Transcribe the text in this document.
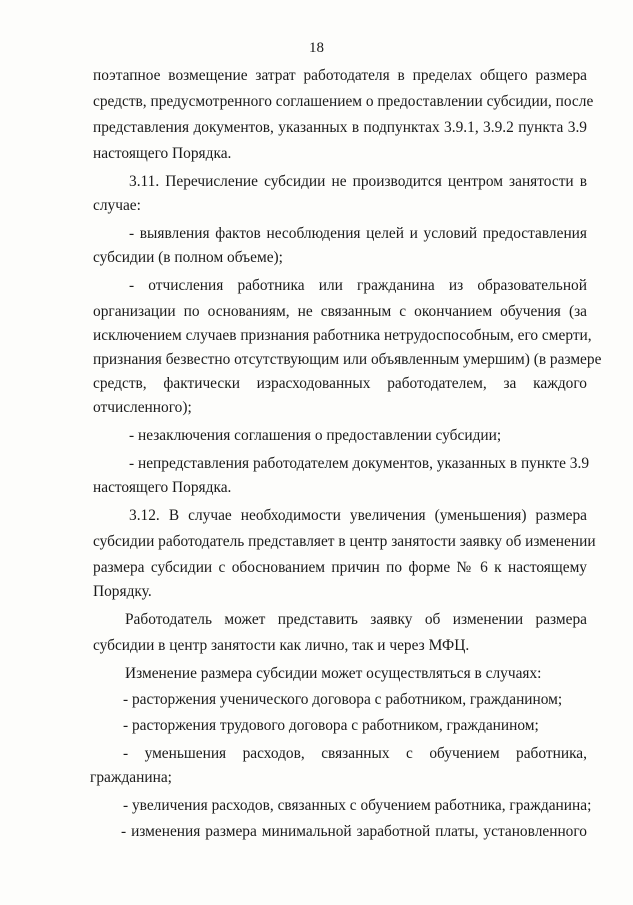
18
поэтапное возмещение затрат работодателя в пределах общего размера
средств, предусмотренного соглашением о предоставлении субсидии, после
представления документов, указанных в подпунктах 3.9.1, 3.9.2 пункта 3.9
настоящего Порядка.
3.11. Перечисление субсидии не производится центром занятости в
случае:
- выявления фактов несоблюдения целей и условий предоставления
субсидии (в полном объеме);
- отчисления работника или гражданина из образовательной
организации по основаниям, не связанным с окончанием обучения (за
исключением случаев признания работника нетрудоспособным, его смерти,
признания безвестно отсутствующим или объявленным умершим) (в размере
средств, фактически израсходованных работодателем, за каждого
отчисленного);
- незаключения соглашения о предоставлении субсидии;
- непредставления работодателем документов, указанных в пункте 3.9
настоящего Порядка.
3.12. В случае необходимости увеличения (уменьшения) размера
субсидии работодатель представляет в центр занятости заявку об изменении
размера субсидии с обоснованием причин по форме № 6 к настоящему
Порядку.
Работодатель может представить заявку об изменении размера
субсидии в центр занятости как лично, так и через МФЦ.
Изменение размера субсидии может осуществляться в случаях:
- расторжения ученического договора с работником, гражданином;
- расторжения трудового договора с работником, гражданином;
- уменьшения расходов, связанных с обучением работника,
гражданина;
- увеличения расходов, связанных с обучением работника, гражданина;
- изменения размера минимальной заработной платы, установленного
